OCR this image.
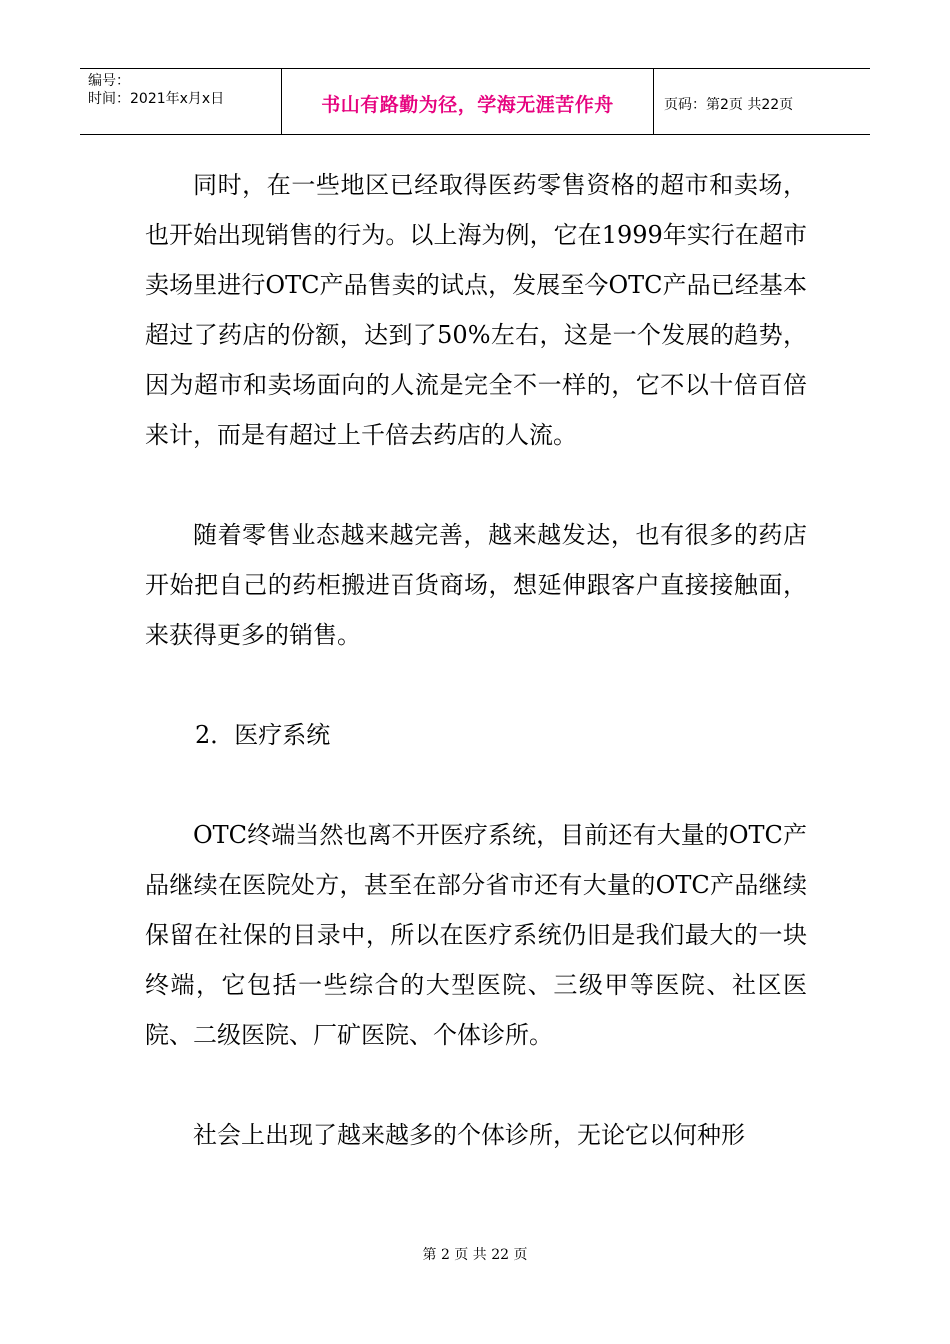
编号：
时间：2021年x月x日	书山有路勤为径，学海无涯苦作舟	页码：第2页 共22页

同时，在一些地区已经取得医药零售资格的超市和卖场，也开始出现销售的行为。以上海为例，它在1999年实行在超市卖场里进行OTC产品售卖的试点，发展至今OTC产品已经基本超过了药店的份额，达到了50%左右，这是一个发展的趋势，因为超市和卖场面向的人流是完全不一样的，它不以十倍百倍来计，而是有超过上千倍去药店的人流。

随着零售业态越来越完善，越来越发达，也有很多的药店开始把自己的药柜搬进百货商场，想延伸跟客户直接接触面，来获得更多的销售。

2．医疗系统

OTC终端当然也离不开医疗系统，目前还有大量的OTC产品继续在医院处方，甚至在部分省市还有大量的OTC产品继续保留在社保的目录中，所以在医疗系统仍旧是我们最大的一块终端，它包括一些综合的大型医院、三级甲等医院、社区医院、二级医院、厂矿医院、个体诊所。

社会上出现了越来越多的个体诊所，无论它以何种形

第 2 页 共 22 页
